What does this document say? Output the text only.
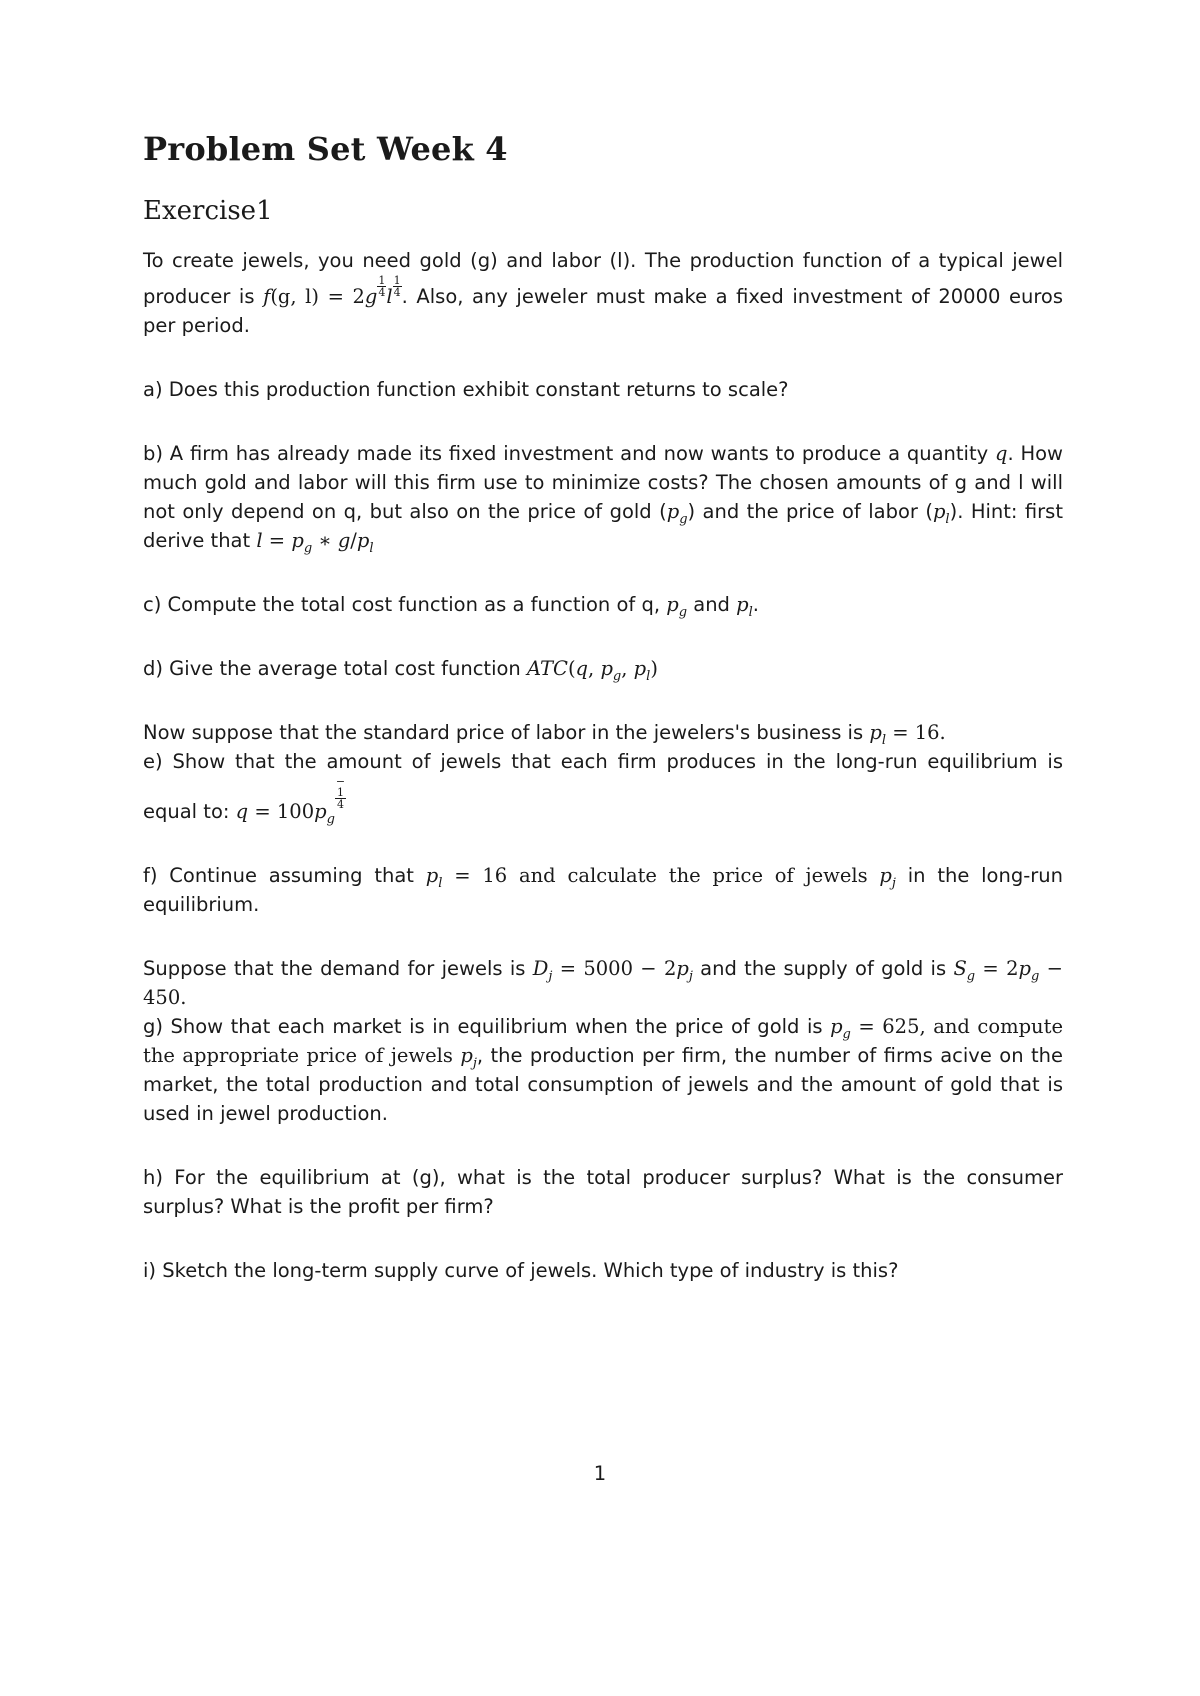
Problem Set Week 4
Exercise1

To create jewels, you need gold (g) and labor (l). The production function of a typical jewel producer is f(g, $l) = 2g \frac{1}{4}$ l $\frac{1}{4}$ . Also, any jeweler must make a fixed investment of 20000 euros per period.

a) Does this production function exhibit constant returns to scale?

b) A firm has already made its fixed investment and now wants to produce a quantity q. How much gold and labor will this firm use to minimize costs? The chosen amounts of g and l will not only depend on q, but also on the price of gold $(p_g)$ and the price of labor $(p_l)$. Hint: first derive that $l = p_g$ ∗ $g/p_l$

c) Compute the total cost function as a function of q, $p_g$ and $p_l$.

d) Give the average total cost function ATC(q, $p_g$, $p_l$)

Now suppose that the standard price of labor in the jewelers's business is $p_l = 16$.

e) Show that the amount of jewels that each firm produces in the long-run equilibrium is equal to: $q = 100p_g$
−
1
4

f) Continue assuming that $p_l = 16$ and calculate the price of jewels $p_j$ in the long-run equilibrium.

Suppose that the demand for jewels is $D_j = 5000 - 2p_j$ and the supply of gold is $S_g = 2p_g - 450$.

g) Show that each market is in equilibrium when the price of gold is $p_g = 625$, and compute the appropriate price of jewels $p_j$, the production per firm, the number of firms acive on the market, the total production and total consumption of jewels and the amount of gold that is used in jewel production.

h) For the equilibrium at (g), what is the total producer surplus? What is the consumer surplus? What is the profit per firm?

i) Sketch the long-term supply curve of jewels. Which type of industry is this?

1
